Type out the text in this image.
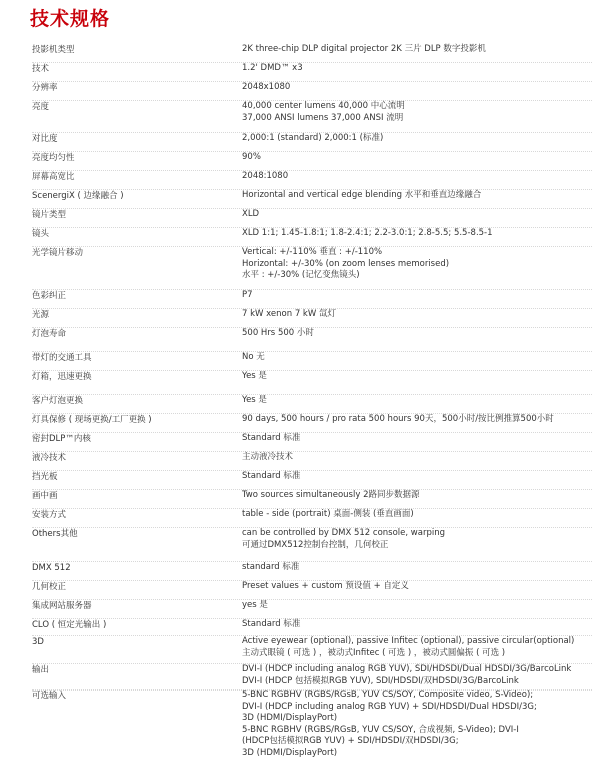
技术规格
投影机类型	2K three-chip DLP digital projector 2K 三片 DLP 数字投影机
技术	1.2' DMD™ x3
分辨率	2048x1080
亮度	40,000 center lumens 40,000 中心流明
37,000 ANSI lumens 37,000 ANSI 流明
对比度	2,000:1 (standard) 2,000:1 (标准)
亮度均匀性	90%
屏幕高宽比	2048:1080
ScenergiX ( 边缘融合 )	Horizontal and vertical edge blending 水平和垂直边缘融合
镜片类型	XLD
镜头	XLD 1:1; 1.45-1.8:1; 1.8-2.4:1; 2.2-3.0:1; 2.8-5.5; 5.5-8.5-1
光学镜片移动	Vertical: +/-110% 垂直 : +/-110%
Horizontal: +/-30% (on zoom lenses memorised)
水平 : +/-30% (记忆变焦镜头)
色彩纠正	P7
光源	7 kW xenon 7 kW 氙灯
灯泡寿命	500 Hrs 500 小时
带灯的交通工具	No 无
灯箱，迅速更换	Yes 是
客户灯泡更换	Yes 是
灯具保修 ( 现场更换/工厂更换 )	90 days, 500 hours / pro rata 500 hours 90天，500小时/按比例推算500小时
密封DLP™内核	Standard 标准
液冷技术	主动液冷技术
挡光板	Standard 标准
画中画	Two sources simultaneously 2路同步数据源
安装方式	table - side (portrait) 桌面-侧装 (垂直画面)
Others其他	can be controlled by DMX 512 console, warping
可通过DMX512控制台控制，几何校正
DMX 512	standard 标准
几何校正	Preset values + custom 预设值 + 自定义
集成网站服务器	yes 是
CLO ( 恒定光输出 )	Standard 标准
3D	Active eyewear (optional), passive Infitec (optional), passive circular(optional)
主动式眼镜 ( 可选 ) ，被动式Infitec ( 可选 ) ，被动式圆偏振 ( 可选 )
输出	DVI-I (HDCP including analog RGB YUV), SDI/HDSDI/Dual HDSDI/3G/BarcoLink
DVI-I (HDCP 包括模拟RGB YUV), SDI/HDSDI/双HDSDI/3G/BarcoLink
可选输入	5-BNC RGBHV (RGBS/RGsB, YUV CS/SOY, Composite video, S-Video);
DVI-I (HDCP including analog RGB YUV) + SDI/HDSDI/Dual HDSDI/3G;
3D (HDMI/DisplayPort)
5-BNC RGBHV (RGBS/RGsB, YUV CS/SOY, 合成视频, S-Video); DVI-I
(HDCP包括模拟RGB YUV) + SDI/HDSDI/双HDSDI/3G;
3D (HDMI/DisplayPort)
